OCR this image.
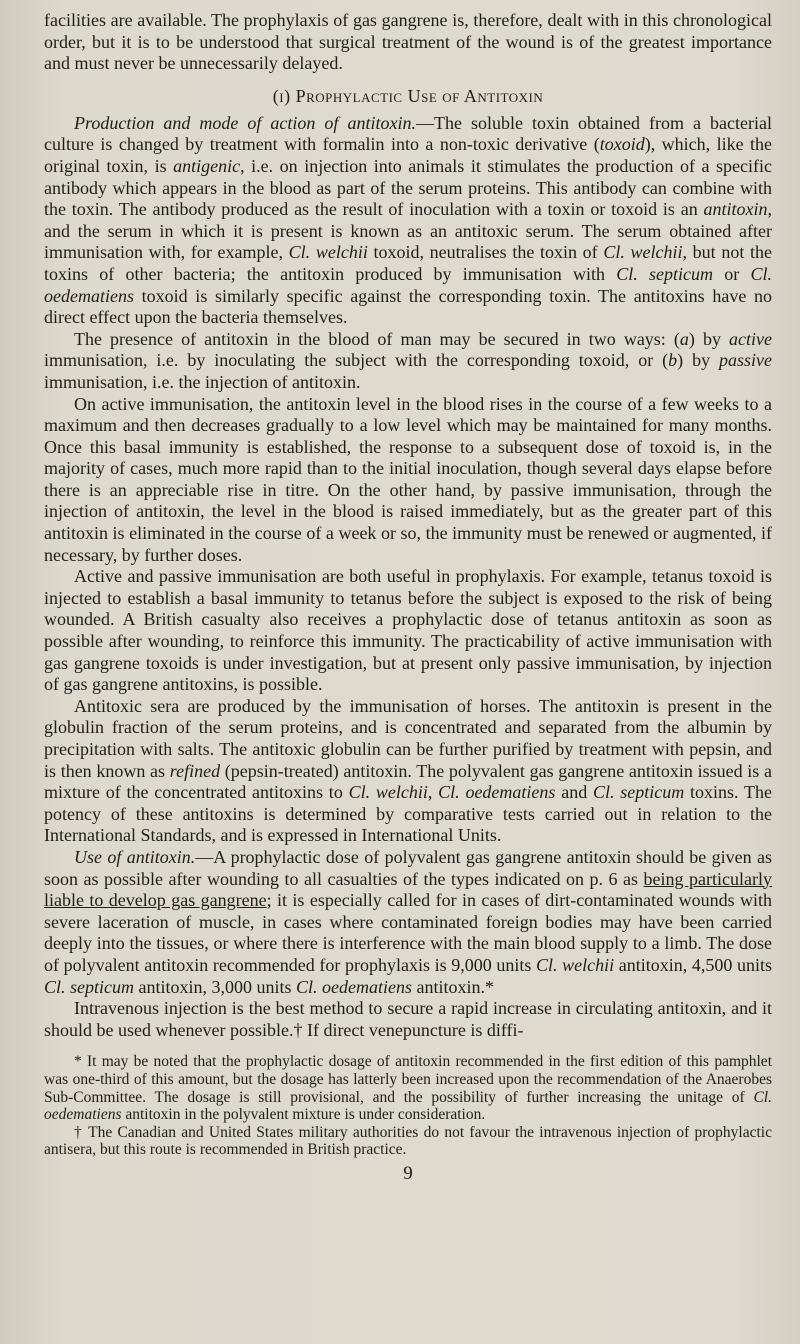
facilities are available. The prophylaxis of gas gangrene is, therefore, dealt with in this chronological order, but it is to be understood that surgical treatment of the wound is of the greatest importance and must never be unnecessarily delayed.

(i) Prophylactic Use of Antitoxin

Production and mode of action of antitoxin.—The soluble toxin obtained from a bacterial culture is changed by treatment with formalin into a non-toxic derivative (toxoid), which, like the original toxin, is antigenic, i.e. on injection into animals it stimulates the production of a specific antibody which appears in the blood as part of the serum proteins. This antibody can combine with the toxin. The antibody produced as the result of inoculation with a toxin or toxoid is an antitoxin, and the serum in which it is present is known as an antitoxic serum. The serum obtained after immunisation with, for example, Cl. welchii toxoid, neutralises the toxin of Cl. welchii, but not the toxins of other bacteria; the antitoxin produced by immunisation with Cl. septicum or Cl. oedematiens toxoid is similarly specific against the corresponding toxin. The antitoxins have no direct effect upon the bacteria themselves.

The presence of antitoxin in the blood of man may be secured in two ways: (a) by active immunisation, i.e. by inoculating the subject with the corresponding toxoid, or (b) by passive immunisation, i.e. the injection of antitoxin.

On active immunisation, the antitoxin level in the blood rises in the course of a few weeks to a maximum and then decreases gradually to a low level which may be maintained for many months. Once this basal immunity is established, the response to a subsequent dose of toxoid is, in the majority of cases, much more rapid than to the initial inoculation, though several days elapse before there is an appreciable rise in titre. On the other hand, by passive immunisation, through the injection of antitoxin, the level in the blood is raised immediately, but as the greater part of this antitoxin is eliminated in the course of a week or so, the immunity must be renewed or augmented, if necessary, by further doses.

Active and passive immunisation are both useful in prophylaxis. For example, tetanus toxoid is injected to establish a basal immunity to tetanus before the subject is exposed to the risk of being wounded. A British casualty also receives a prophylactic dose of tetanus antitoxin as soon as possible after wounding, to reinforce this immunity. The practicability of active immunisation with gas gangrene toxoids is under investigation, but at present only passive immunisation, by injection of gas gangrene antitoxins, is possible.

Antitoxic sera are produced by the immunisation of horses. The antitoxin is present in the globulin fraction of the serum proteins, and is concentrated and separated from the albumin by precipitation with salts. The antitoxic globulin can be further purified by treatment with pepsin, and is then known as refined (pepsin-treated) antitoxin. The polyvalent gas gangrene antitoxin issued is a mixture of the concentrated antitoxins to Cl. welchii, Cl. oedematiens and Cl. septicum toxins. The potency of these antitoxins is determined by comparative tests carried out in relation to the International Standards, and is expressed in International Units.

Use of antitoxin.—A prophylactic dose of polyvalent gas gangrene antitoxin should be given as soon as possible after wounding to all casualties of the types indicated on p. 6 as being particularly liable to develop gas gangrene; it is especially called for in cases of dirt-contaminated wounds with severe laceration of muscle, in cases where contaminated foreign bodies may have been carried deeply into the tissues, or where there is interference with the main blood supply to a limb. The dose of polyvalent antitoxin recommended for prophylaxis is 9,000 units Cl. welchii antitoxin, 4,500 units Cl. septicum antitoxin, 3,000 units Cl. oedematiens antitoxin.*

Intravenous injection is the best method to secure a rapid increase in circulating antitoxin, and it should be used whenever possible.† If direct venepuncture is diffi-

* It may be noted that the prophylactic dosage of antitoxin recommended in the first edition of this pamphlet was one-third of this amount, but the dosage has latterly been increased upon the recommendation of the Anaerobes Sub-Committee. The dosage is still provisional, and the possibility of further increasing the unitage of Cl. oedematiens antitoxin in the polyvalent mixture is under consideration.

† The Canadian and United States military authorities do not favour the intravenous injection of prophylactic antisera, but this route is recommended in British practice.

9
